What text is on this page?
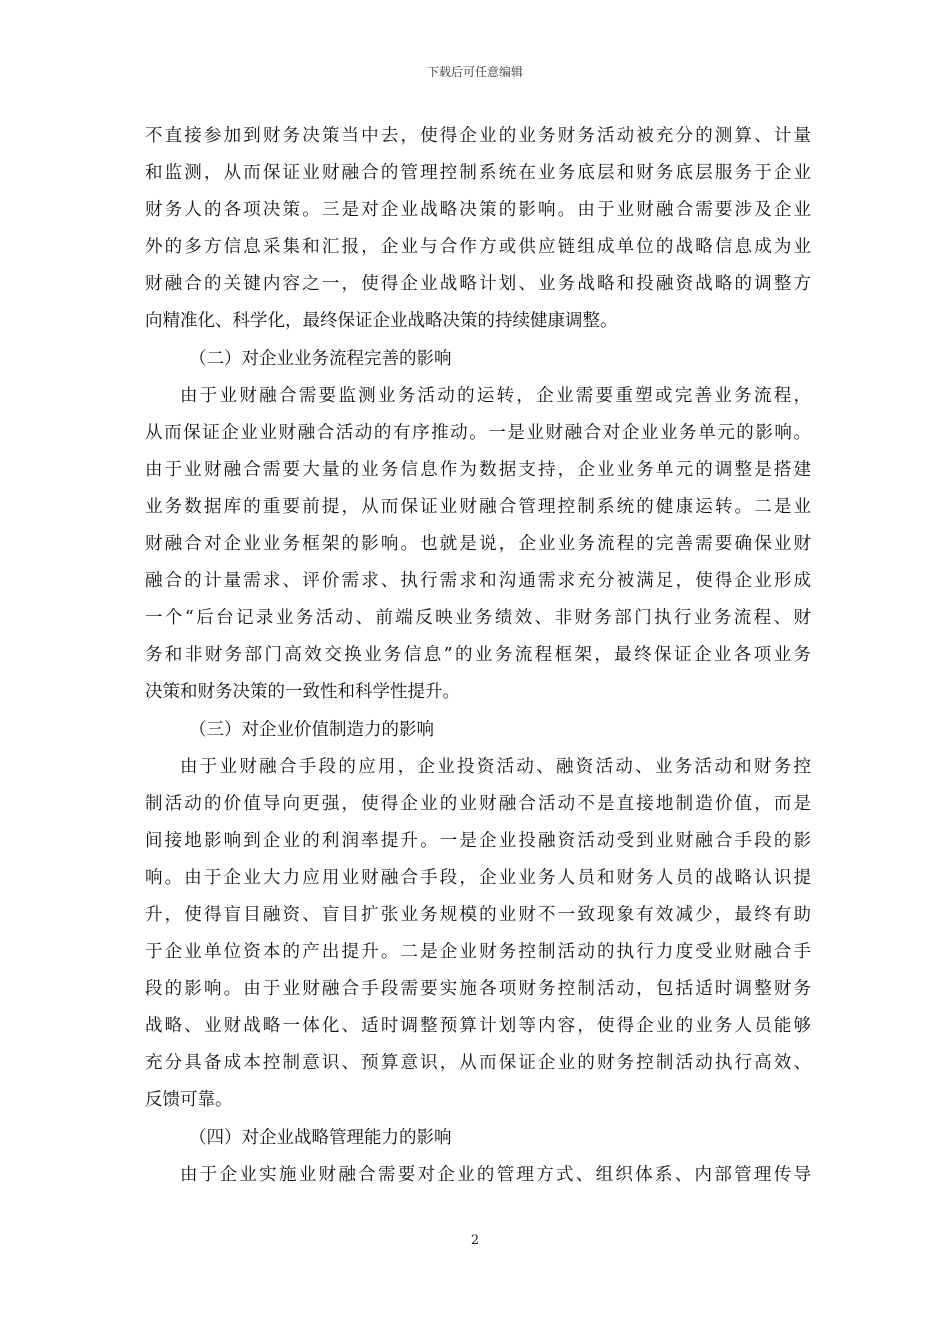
下载后可任意编辑
不直接参加到财务决策当中去，使得企业的业务财务活动被充分的测算、计量
和监测，从而保证业财融合的管理控制系统在业务底层和财务底层服务于企业
财务人的各项决策。三是对企业战略决策的影响。由于业财融合需要涉及企业
外的多方信息采集和汇报，企业与合作方或供应链组成单位的战略信息成为业
财融合的关键内容之一，使得企业战略计划、业务战略和投融资战略的调整方
向精准化、科学化，最终保证企业战略决策的持续健康调整。
（二）对企业业务流程完善的影响
由于业财融合需要监测业务活动的运转，企业需要重塑或完善业务流程，
从而保证企业业财融合活动的有序推动。一是业财融合对企业业务单元的影响。
由于业财融合需要大量的业务信息作为数据支持，企业业务单元的调整是搭建
业务数据库的重要前提，从而保证业财融合管理控制系统的健康运转。二是业
财融合对企业业务框架的影响。也就是说，企业业务流程的完善需要确保业财
融合的计量需求、评价需求、执行需求和沟通需求充分被满足，使得企业形成
一个“后台记录业务活动、前端反映业务绩效、非财务部门执行业务流程、财
务和非财务部门高效交换业务信息”的业务流程框架，最终保证企业各项业务
决策和财务决策的一致性和科学性提升。
（三）对企业价值制造力的影响
由于业财融合手段的应用，企业投资活动、融资活动、业务活动和财务控
制活动的价值导向更强，使得企业的业财融合活动不是直接地制造价值，而是
间接地影响到企业的利润率提升。一是企业投融资活动受到业财融合手段的影
响。由于企业大力应用业财融合手段，企业业务人员和财务人员的战略认识提
升，使得盲目融资、盲目扩张业务规模的业财不一致现象有效减少，最终有助
于企业单位资本的产出提升。二是企业财务控制活动的执行力度受业财融合手
段的影响。由于业财融合手段需要实施各项财务控制活动，包括适时调整财务
战略、业财战略一体化、适时调整预算计划等内容，使得企业的业务人员能够
充分具备成本控制意识、预算意识，从而保证企业的财务控制活动执行高效、
反馈可靠。
（四）对企业战略管理能力的影响
由于企业实施业财融合需要对企业的管理方式、组织体系、内部管理传导
2
